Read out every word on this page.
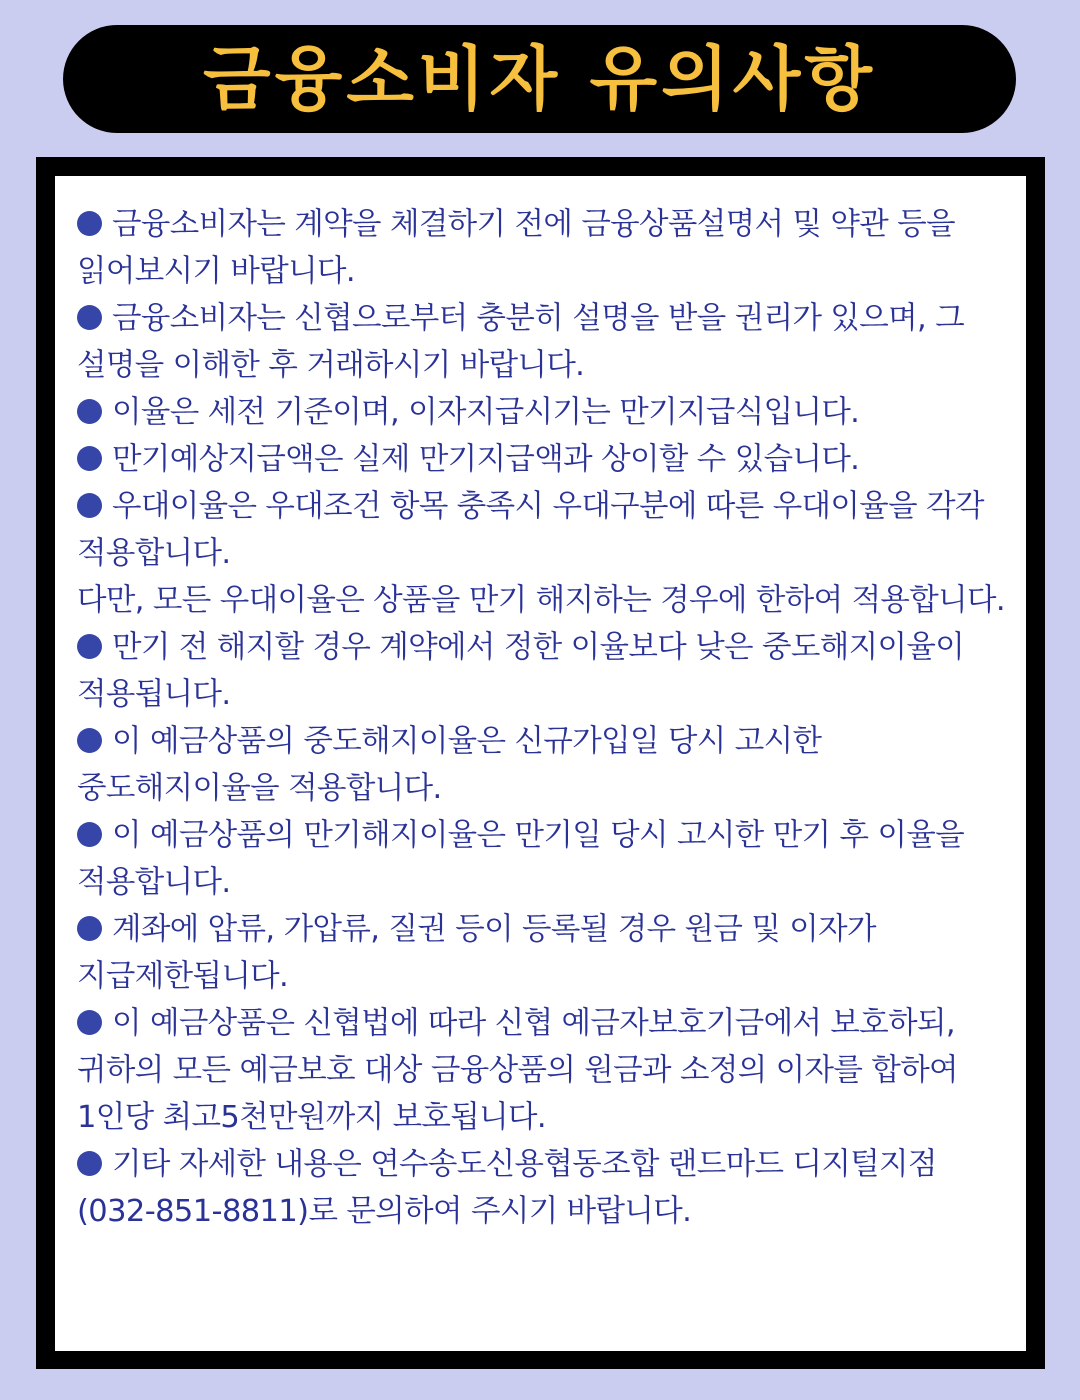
금융소비자 유의사항

금융소비자는 계약을 체결하기 전에 금융상품설명서 및 약관 등을 읽어보시기 바랍니다.

금융소비자는 신협으로부터 충분히 설명을 받을 권리가 있으며, 그 설명을 이해한 후 거래하시기 바랍니다.

이율은 세전 기준이며, 이자지급시기는 만기지급식입니다.

만기예상지급액은 실제 만기지급액과 상이할 수 있습니다.

우대이율은 우대조건 항목 충족시 우대구분에 따른 우대이율을 각각 적용합니다.

다만, 모든 우대이율은 상품을 만기 해지하는 경우에 한하여 적용합니다.

만기 전 해지할 경우 계약에서 정한 이율보다 낮은 중도해지이율이 적용됩니다.

이 예금상품의 중도해지이율은 신규가입일 당시 고시한 중도해지이율을 적용합니다.

이 예금상품의 만기해지이율은 만기일 당시 고시한 만기 후 이율을 적용합니다.

계좌에 압류, 가압류, 질권 등이 등록될 경우 원금 및 이자가 지급제한됩니다.

이 예금상품은 신협법에 따라 신협 예금자보호기금에서 보호하되, 귀하의 모든 예금보호 대상 금융상품의 원금과 소정의 이자를 합하여 1인당 최고5천만원까지 보호됩니다.

기타 자세한 내용은 연수송도신용협동조합 랜드마드 디지털지점(032-851-8811)로 문의하여 주시기 바랍니다.
